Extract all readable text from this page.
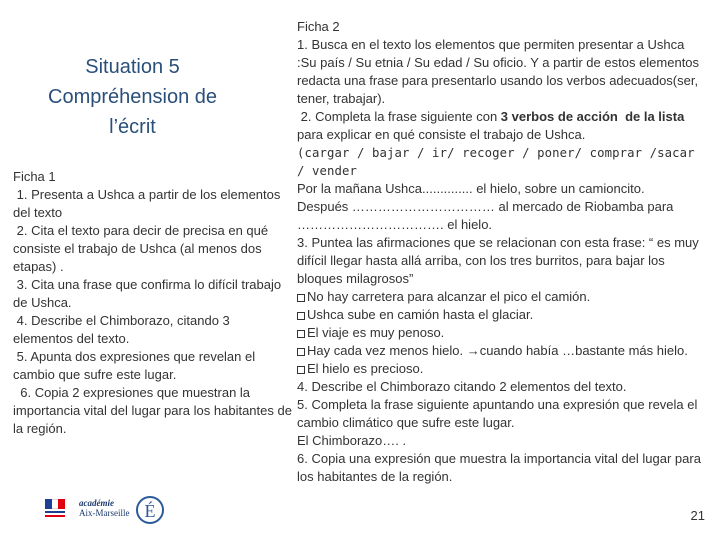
Situation 5
Compréhension de
l’écrit

Ficha 1

1. Presenta a Ushca a partir de los elementos del texto

2. Cita el texto para decir de precisa en qué consiste el trabajo de Ushca (al menos dos etapas) .

3. Cita una frase que confirma lo difícil trabajo de Ushca.

4. Describe el Chimborazo, citando 3 elementos del texto.

5. Apunta dos expresiones que revelan el cambio que sufre este lugar.

6. Copia 2 expresiones que muestran la importancia vital del lugar para los habitantes de la región.

académie
Aix-Marseille É

Ficha 2

1. Busca en el texto los elementos que permiten presentar a Ushca :Su país / Su etnia / Su edad / Su oficio. Y a partir de estos elementos redacta una frase para presentarlo usando los verbos adecuados(ser, tener, trabajar).

2. Completa la frase siguiente con 3 verbos de acción  de la lista para explicar en qué consiste el trabajo de Ushca.

(cargar / bajar / ir/ recoger / poner/ comprar /sacar / vender

Por la mañana Ushca.............. el hielo, sobre un camioncito.

Después …………………………… al mercado de Riobamba para ……………………………. el hielo.

3. Puntea las afirmaciones que se relacionan con esta frase: “ es muy difícil llegar hasta allá arriba, con los tres burritos, para bajar los bloques milagrosos”

No hay carretera para alcanzar el pico el camión.

Ushca sube en camión hasta el glaciar.

El viaje es muy penoso.

Hay cada vez menos hielo. →cuando había …bastante más hielo.

El hielo es precioso.

4. Describe el Chimborazo citando 2 elementos del texto.

5. Completa la frase siguiente apuntando una expresión que revela el cambio climático que sufre este lugar.

El Chimborazo…. .

6. Copia una expresión que muestra la importancia vital del lugar para los habitantes de la región.

21
